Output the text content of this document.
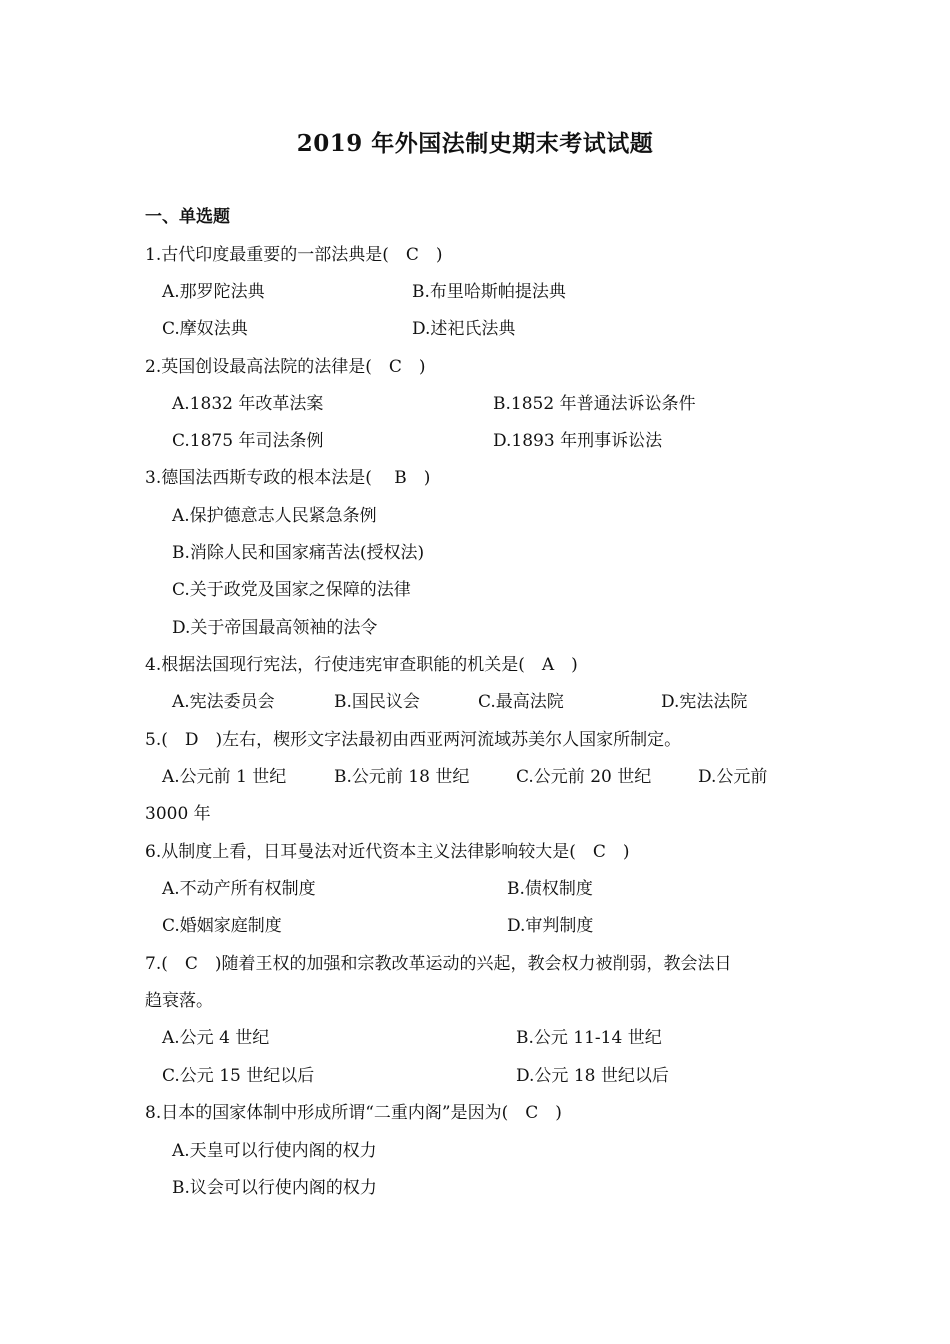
2019 年外国法制史期末考试试题
一、单选题
1.古代印度最重要的一部法典是(　C　)
A.那罗陀法典	B.布里哈斯帕提法典
C.摩奴法典	D.述祀氏法典
2.英国创设最高法院的法律是(　C　)
A.1832 年改革法案	B.1852 年普通法诉讼条件
C.1875 年司法条例	D.1893 年刑事诉讼法
3.德国法西斯专政的根本法是(　 B　)
A.保护德意志人民紧急条例
B.消除人民和国家痛苦法(授权法)
C.关于政党及国家之保障的法律
D.关于帝国最高领袖的法令
4.根据法国现行宪法，行使违宪审查职能的机关是(　A　)
A.宪法委员会	B.国民议会	C.最高法院	D.宪法法院
5.(　D　)左右，楔形文字法最初由西亚两河流域苏美尔人国家所制定。
A.公元前 1 世纪	B.公元前 18 世纪	C.公元前 20 世纪	D.公元前
3000 年
6.从制度上看，日耳曼法对近代资本主义法律影响较大是(　C　)
A.不动产所有权制度	B.债权制度
C.婚姻家庭制度	D.审判制度
7.(　C　)随着王权的加强和宗教改革运动的兴起，教会权力被削弱，教会法日
趋衰落。
A.公元 4 世纪	B.公元 11-14 世纪
C.公元 15 世纪以后	D.公元 18 世纪以后
8.日本的国家体制中形成所谓“二重内阁”是因为(　C　)
A.天皇可以行使内阁的权力
B.议会可以行使内阁的权力
